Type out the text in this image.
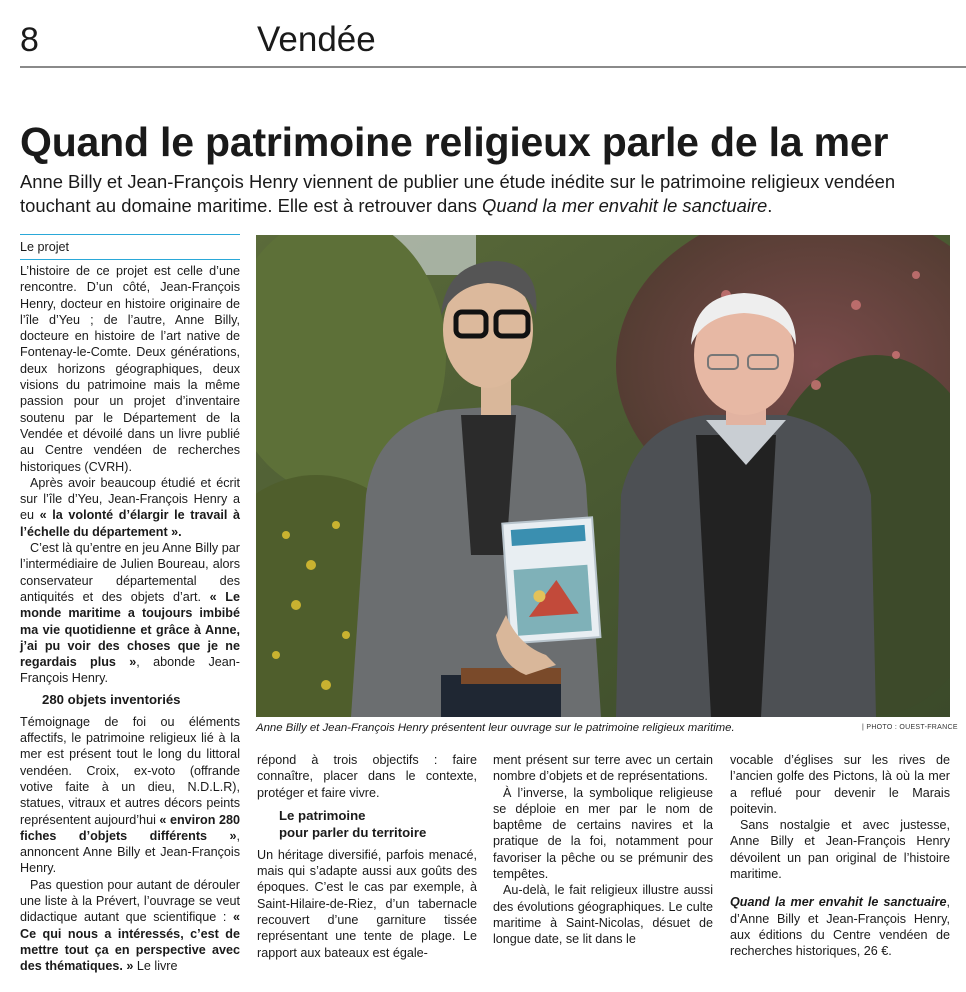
8	Vendée
Quand le patrimoine religieux parle de la mer

Anne Billy et Jean-François Henry viennent de publier une étude inédite sur le patrimoine religieux vendéen touchant au domaine maritime. Elle est à retrouver dans Quand la mer envahit le sanctuaire.

Le projet

L’histoire de ce projet est celle d’une rencontre. D’un côté, Jean-François Henry, docteur en histoire originaire de l’île d’Yeu ; de l’autre, Anne Billy, docteure en histoire de l’art native de Fontenay-le-Comte. Deux générations, deux horizons géographiques, deux visions du patrimoine mais la même passion pour un projet d’inventaire soutenu par le Département de la Vendée et dévoilé dans un livre publié au Centre vendéen de recherches historiques (CVRH).

Après avoir beaucoup étudié et écrit sur l’île d’Yeu, Jean-François Henry a eu « la volonté d’élargir le travail à l’échelle du département ».

C’est là qu’entre en jeu Anne Billy par l’intermédiaire de Julien Boureau, alors conservateur départemental des antiquités et des objets d’art. « Le monde maritime a toujours imbibé ma vie quotidienne et grâce à Anne, j’ai pu voir des choses que je ne regardais plus », abonde Jean-François Henry.

280 objets inventoriés

Témoignage de foi ou éléments affectifs, le patrimoine religieux lié à la mer est présent tout le long du littoral vendéen. Croix, ex-voto (offrande votive faite à un dieu, N.D.L.R), statues, vitraux et autres décors peints représentent aujourd’hui « environ 280 fiches d’objets différents », annoncent Anne Billy et Jean-François Henry.

Pas question pour autant de dérouler une liste à la Prévert, l’ouvrage se veut didactique autant que scientifique : « Ce qui nous a intéressés, c’est de mettre tout ça en perspective avec des thématiques. » Le livre

Anne Billy et Jean-François Henry présentent leur ouvrage sur le patrimoine religieux maritime.	| PHOTO : OUEST-FRANCE

répond à trois objectifs : faire connaître, placer dans le contexte, protéger et faire vivre.

Le patrimoine
pour parler du territoire

Un héritage diversifié, parfois menacé, mais qui s’adapte aussi aux goûts des époques. C’est le cas par exemple, à Saint-Hilaire-de-Riez, d’un tabernacle recouvert d’une garniture tissée représentant une tente de plage. Le rapport aux bateaux est égale-

ment présent sur terre avec un certain nombre d’objets et de représentations.

À l’inverse, la symbolique religieuse se déploie en mer par le nom de baptême de certains navires et la pratique de la foi, notamment pour favoriser la pêche ou se prémunir des tempêtes.

Au-delà, le fait religieux illustre aussi des évolutions géographiques. Le culte maritime à Saint-Nicolas, désuet de longue date, se lit dans le

vocable d’églises sur les rives de l’ancien golfe des Pictons, là où la mer a reflué pour devenir le Marais poitevin.

Sans nostalgie et avec justesse, Anne Billy et Jean-François Henry dévoilent un pan original de l’histoire maritime.

Quand la mer envahit le sanctuaire, d’Anne Billy et Jean-François Henry, aux éditions du Centre vendéen de recherches historiques, 26 €.
